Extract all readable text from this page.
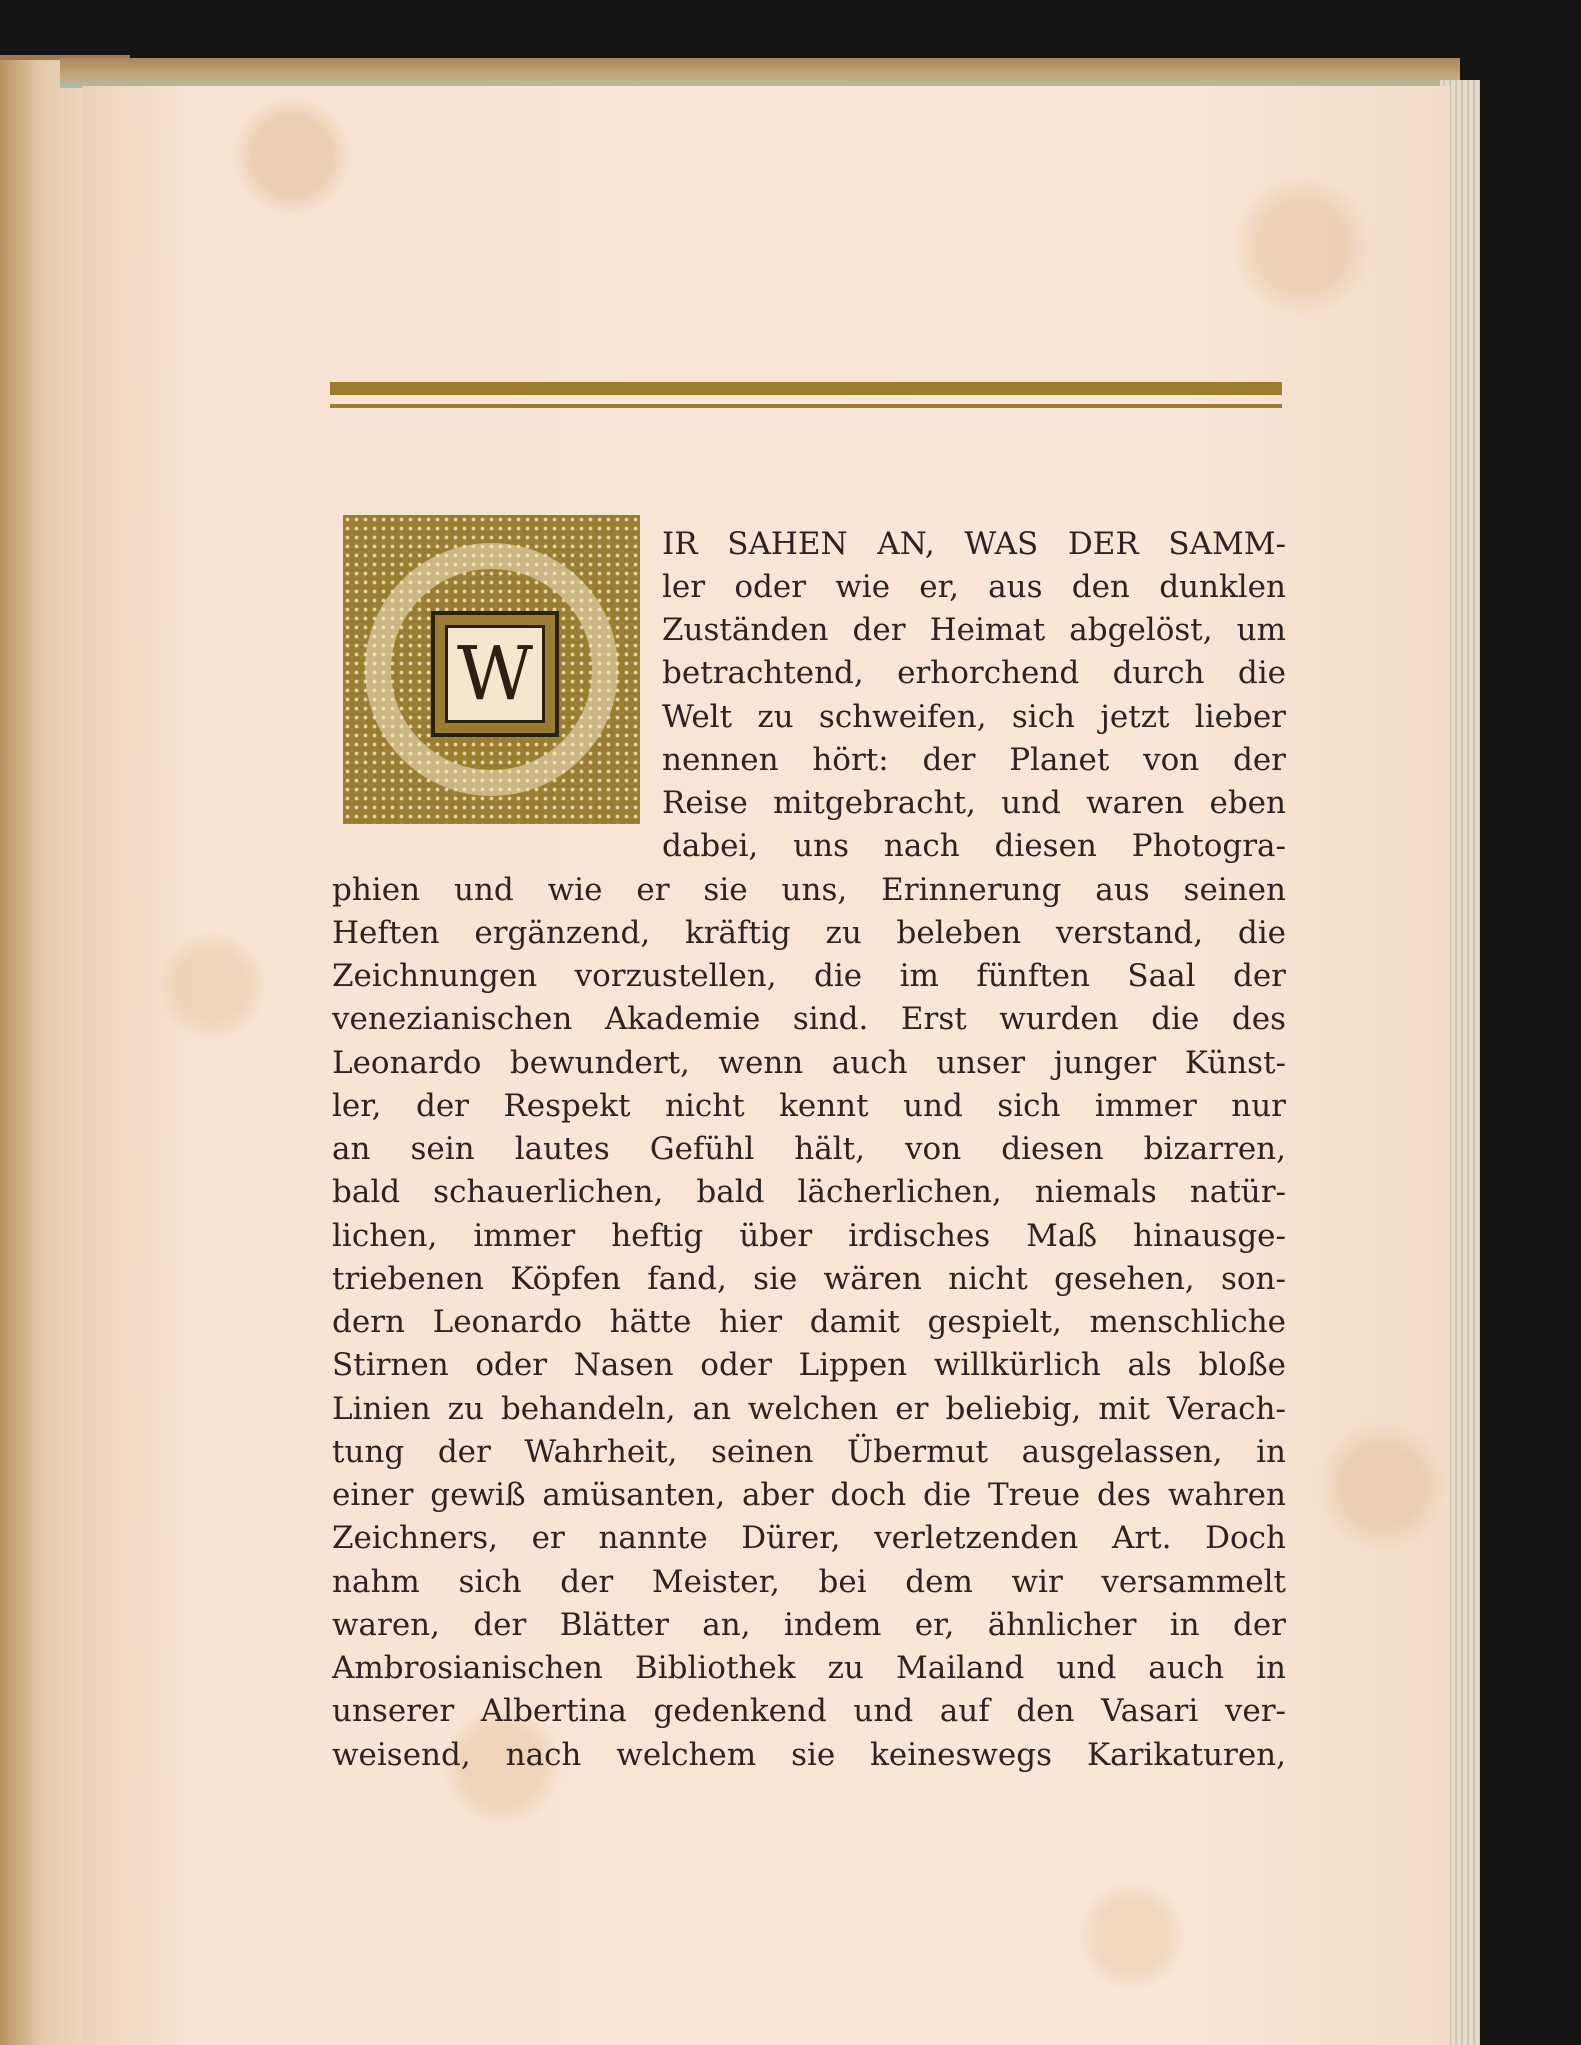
W
IR SAHEN AN, WAS DER SAMM-
ler oder wie er, aus den dunklen
Zuständen der Heimat abgelöst, um
betrachtend, erhorchend durch die
Welt zu schweifen, sich jetzt lieber
nennen hört: der Planet von der
Reise mitgebracht, und waren eben
dabei, uns nach diesen Photogra-
phien und wie er sie uns, Erinnerung aus seinen
Heften ergänzend, kräftig zu beleben verstand, die
Zeichnungen vorzustellen, die im fünften Saal der
venezianischen Akademie sind. Erst wurden die des
Leonardo bewundert, wenn auch unser junger Künst-
ler, der Respekt nicht kennt und sich immer nur
an sein lautes Gefühl hält, von diesen bizarren,
bald schauerlichen, bald lächerlichen, niemals natür-
lichen, immer heftig über irdisches Maß hinausge-
triebenen Köpfen fand, sie wären nicht gesehen, son-
dern Leonardo hätte hier damit gespielt, menschliche
Stirnen oder Nasen oder Lippen willkürlich als bloße
Linien zu behandeln, an welchen er beliebig, mit Verach-
tung der Wahrheit, seinen Übermut ausgelassen, in
einer gewiß amüsanten, aber doch die Treue des wahren
Zeichners, er nannte Dürer, verletzenden Art. Doch
nahm sich der Meister, bei dem wir versammelt
waren, der Blätter an, indem er, ähnlicher in der
Ambrosianischen Bibliothek zu Mailand und auch in
unserer Albertina gedenkend und auf den Vasari ver-
weisend, nach welchem sie keineswegs Karikaturen,
